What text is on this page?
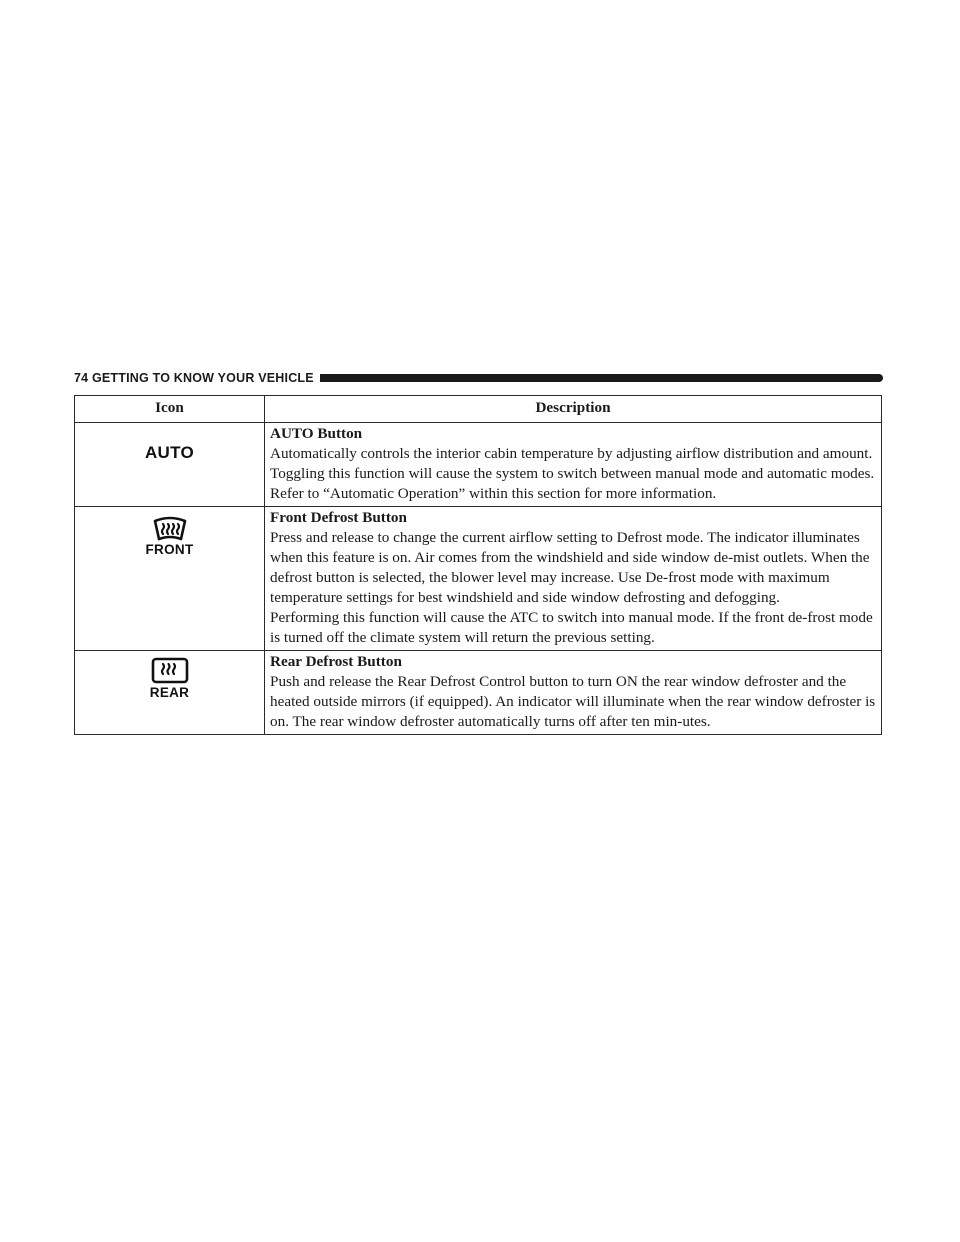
74 GETTING TO KNOW YOUR VEHICLE
Icon	Description
AUTO	AUTO Button
Automatically controls the interior cabin temperature by adjusting airflow distribution and amount. Toggling this function will cause the system to switch between manual mode and automatic modes. Refer to “Automatic Operation” within this section for more information.

FRONT	Front Defrost Button
Press and release to change the current airflow setting to Defrost mode. The indicator illuminates when this feature is on. Air comes from the windshield and side window de-mist outlets. When the defrost button is selected, the blower level may increase. Use De-frost mode with maximum temperature settings for best windshield and side window defrosting and defogging.
Performing this function will cause the ATC to switch into manual mode. If the front de-frost mode is turned off the climate system will return the previous setting.

REAR	Rear Defrost Button
Push and release the Rear Defrost Control button to turn ON the rear window defroster and the heated outside mirrors (if equipped). An indicator will illuminate when the rear window defroster is on. The rear window defroster automatically turns off after ten min-utes.
